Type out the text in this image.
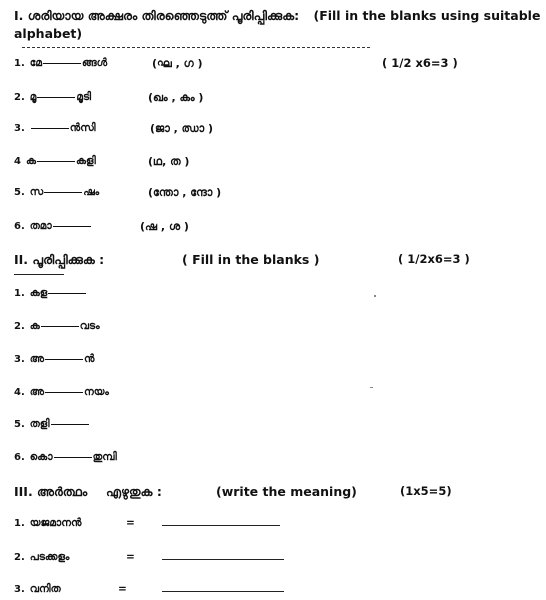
I. ശരിയായ അക്ഷരം തിരഞ്ഞെടുത്ത് പൂരിപ്പിക്കുക: (Fill in the blanks using suitable
alphabet)
II. പൂരിപ്പിക്കുക :	( Fill in the blanks )	( 1/2x6=3 )
III. അർത്ഥം എഴുതുക :	(write the meaning)	(1x5=5)
( 1/2 x6=3 )
1. മേ	ങ്ങൾ	(ഘ , ഗ )
2. മൂ	മൂടി	(ഖം , കം )
3.	ൻസി	(ജാ , ഝാ )
4 ക	കളി	(ഥ, ത )
5. സ	ഷം	(ന്തോ , ന്ദോ )
6. തമാ	(ഷ , ശ )
1. കള
2. ക	വടം
3. അ	ൻ
4. അ	നയം
5. തളി
6. കൊ	തുമ്പി
1. യജമാനൻ	=
2. പടക്കളം	=
3. വനിത	=
